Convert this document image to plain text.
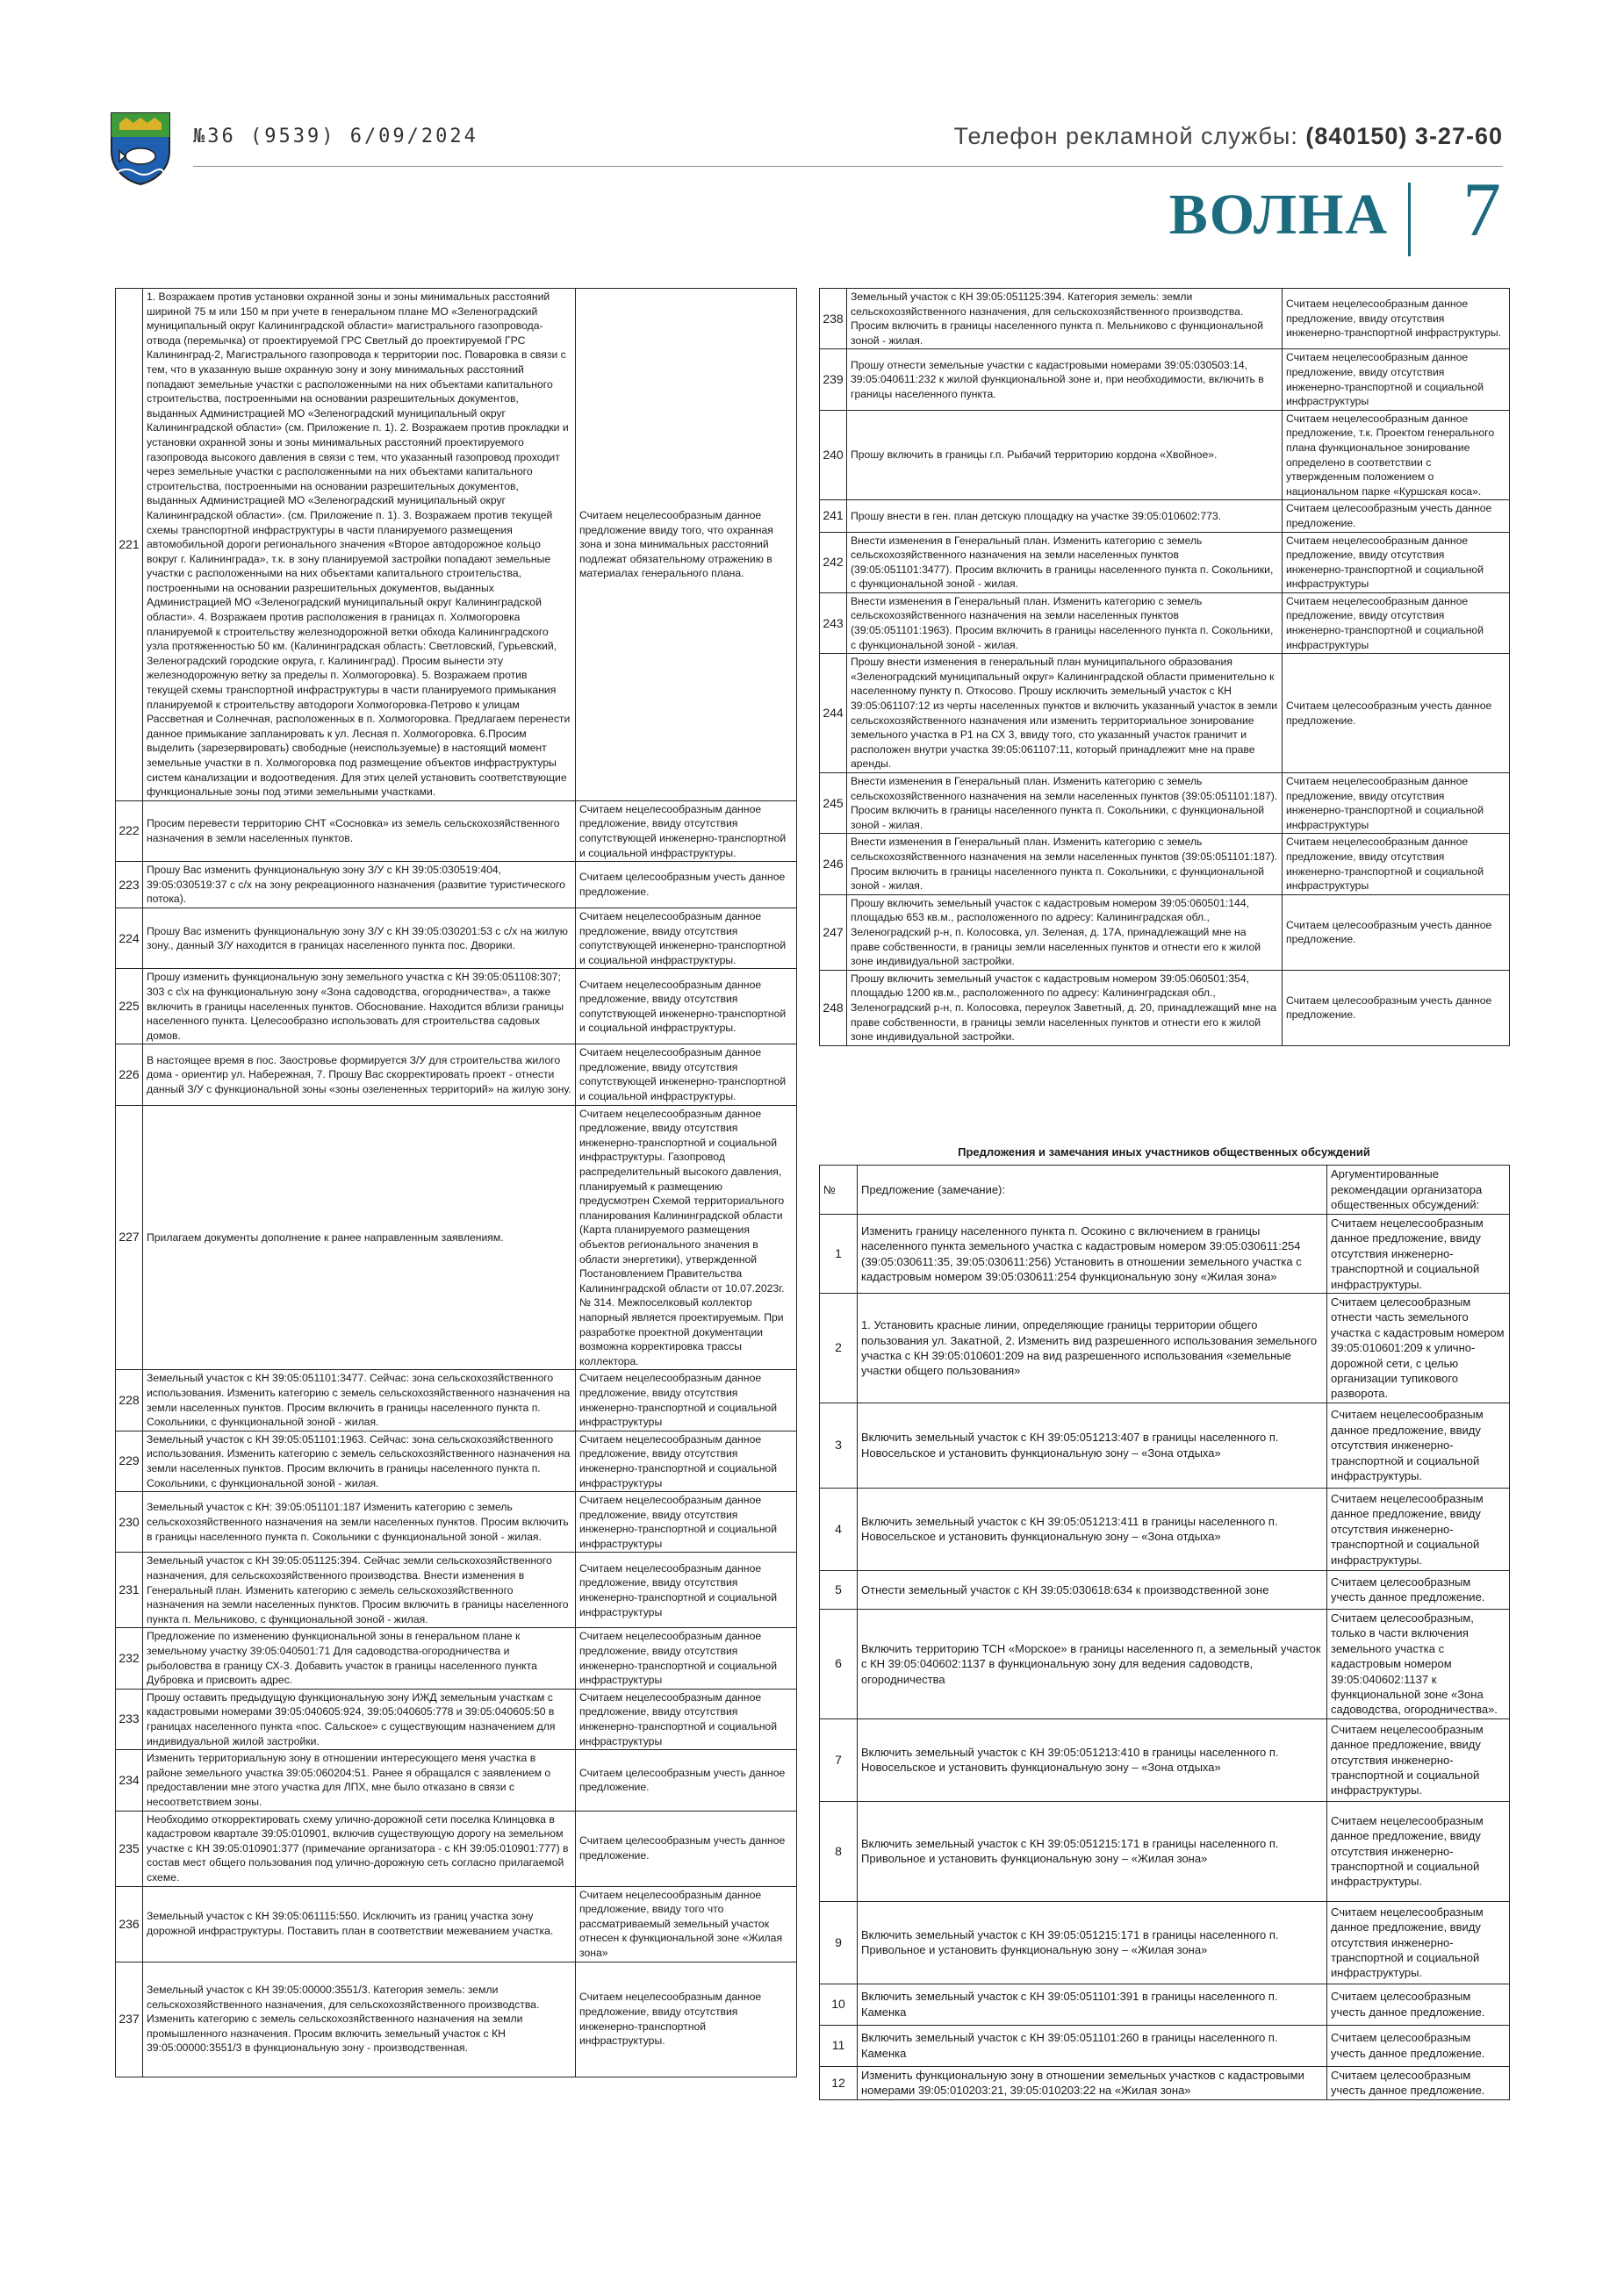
№36 (9539) 6/09/2024	Телефон рекламной службы: (840150) 3-27-60
ВОЛНА 7
221	1. Возражаем против установки охранной зоны и зоны минимальных расстояний шириной 75 м или 150 м при учете в генеральном плане МО «Зеленоградский муниципальный округ Калининградской области» магистрального газопровода-отвода (перемычка) от проектируемой ГРС Светлый до проектируемой ГРС Калининград-2, Магистрального газопровода к территории пос. Поваровка в связи с тем, что в указанную выше охранную зону и зону минимальных расстояний попадают земельные участки с расположенными на них объектами капитального строительства, построенными на основании разрешительных документов, выданных Администрацией МО «Зеленоградский муниципальный округ Калининградской области» (см. Приложение п. 1). 2. Возражаем против прокладки и установки охранной зоны и зоны минимальных расстояний проектируемого газопровода высокого давления в связи с тем, что указанный газопровод проходит через земельные участки с расположенными на них объектами капитального строительства, построенными на основании разрешительных документов, выданных Администрацией МО «Зеленоградский муниципальный округ Калининградской области». (см. Приложение п. 1). 3. Возражаем против текущей схемы транспортной инфраструктуры в части планируемого размещения автомобильной дороги регионального значения «Второе автодорожное кольцо вокруг г. Калининграда», т.к. в зону планируемой застройки попадают земельные участки с расположенными на них объектами капитального строительства, построенными на основании разрешительных документов, выданных Администрацией МО «Зеленоградский муниципальный округ Калининградской области». 4. Возражаем против расположения в границах п. Холмогоровка планируемой к строительству железнодорожной ветки обхода Калининградского узла протяженностью 50 км. (Калининградская область: Светловский, Гурьевский, Зеленоградский городские округа, г. Калининград). Просим вынести эту железнодорожную ветку за пределы п. Холмогоровка). 5. Возражаем против текущей схемы транспортной инфраструктуры в части планируемого примыкания планируемой к строительству автодороги Холмогоровка-Петрово к улицам Рассветная и Солнечная, расположенных в п. Холмогоровка. Предлагаем перенести данное примыкание запланировать к ул. Лесная п. Холмогоровка. 6.Просим выделить (зарезервировать) свободные (неиспользуемые) в настоящий момент земельные участки в п. Холмогоровка под размещение объектов инфраструктуры систем канализации и водоотведения. Для этих целей установить соответствующие функциональные зоны под этими земельными участками.	Считаем нецелесообразным данное предложение ввиду того, что охранная зона и зона минимальных расстояний подлежат обязательному отражению в материалах генерального плана.
222	Просим перевести территорию СНТ «Сосновка» из земель сельскохозяйственного назначения в земли населенных пунктов.	Считаем нецелесообразным данное предложение, ввиду отсутствия сопутствующей инженерно-транспортной и социальной инфраструктуры.
223	Прошу Вас изменить функциональную зону З/У с КН 39:05:030519:404, 39:05:030519:37 с с/х на зону рекреационного назначения (развитие туристического потока).	Считаем целесообразным учесть данное предложение.
224	Прошу Вас изменить функциональную зону З/У с КН 39:05:030201:53 с с/х на жилую зону., данный З/У находится в границах населенного пункта пос. Дворики.	Считаем нецелесообразным данное предложение, ввиду отсутствия сопутствующей инженерно-транспортной и социальной инфраструктуры.
225	Прошу изменить функциональную зону земельного участка с КН 39:05:051108:307; 303 с с\х на функциональную зону «Зона садоводства, огородничества», а также включить в границы населенных пунктов. Обоснование. Находится вблизи границы населенного пункта. Целесообразно использовать для строительства садовых домов.	Считаем нецелесообразным данное предложение, ввиду отсутствия сопутствующей инженерно-транспортной и социальной инфраструктуры.
226	В настоящее время в пос. Заостровье формируется З/У для строительства жилого дома - ориентир ул. Набережная, 7. Прошу Вас скорректировать проект - отнести данный З/У с функциональной зоны «зоны озелененных территорий» на жилую зону.	Считаем нецелесообразным данное предложение, ввиду отсутствия сопутствующей инженерно-транспортной и социальной инфраструктуры.
227	Прилагаем документы дополнение к ранее направленным заявлениям.	Считаем нецелесообразным данное предложение, ввиду отсутствия инженерно-транспортной и социальной инфраструктуры. Газопровод распределительный высокого давления, планируемый к размещению предусмотрен Схемой территориального планирования Калининградской области (Карта планируемого размещения объектов регионального значения в области энергетики), утвержденной Постановлением Правительства Калининградской области от 10.07.2023г. № 314. Межпоселковый коллектор напорный является проектируемым. При разработке проектной документации возможна корректировка трассы коллектора.
228	Земельный участок с КН 39:05:051101:3477. Сейчас: зона сельскохозяйственного использования. Изменить категорию с земель сельскохозяйственного назначения на земли населенных пунктов. Просим включить в границы населенного пункта п. Сокольники, с функциональной зоной - жилая.	Считаем нецелесообразным данное предложение, ввиду отсутствия инженерно-транспортной и социальной инфраструктуры
229	Земельный участок с КН 39:05:051101:1963. Сейчас: зона сельскохозяйственного использования. Изменить категорию с земель сельскохозяйственного назначения на земли населенных пунктов. Просим включить в границы населенного пункта п. Сокольники, с функциональной зоной - жилая.	Считаем нецелесообразным данное предложение, ввиду отсутствия инженерно-транспортной и социальной инфраструктуры
230	Земельный участок с КН: 39:05:051101:187 Изменить категорию с земель сельскохозяйственного назначения на земли населенных пунктов. Просим включить в границы населенного пункта п. Сокольники с функциональной зоной - жилая.	Считаем нецелесообразным данное предложение, ввиду отсутствия инженерно-транспортной и социальной инфраструктуры
231	Земельный участок с КН 39:05:051125:394. Сейчас земли сельскохозяйственного назначения, для сельскохозяйственного производства. Внести изменения в Генеральный план. Изменить категорию с земель сельскохозяйственного назначения на земли населенных пунктов. Просим включить в границы населенного пункта п. Мельниково, с функциональной зоной - жилая.	Считаем нецелесообразным данное предложение, ввиду отсутствия инженерно-транспортной и социальной инфраструктуры
232	Предложение по изменению функциональной зоны в генеральном плане к земельному участку 39:05:040501:71 Для садоводства-огородничества и рыболовства в границу СХ-3. Добавить участок в границы населенного пункта Дубровка и присвоить адрес.	Считаем нецелесообразным данное предложение, ввиду отсутствия инженерно-транспортной и социальной инфраструктуры
233	Прошу оставить предыдущую функциональную зону ИЖД земельным участкам с кадастровыми номерами 39:05:040605:924, 39:05:040605:778 и 39:05:040605:50 в границах населенного пункта «пос. Сальское» с существующим назначением для индивидуальной жилой застройки.	Считаем нецелесообразным данное предложение, ввиду отсутствия инженерно-транспортной и социальной инфраструктуры
234	Изменить территориальную зону в отношении интересующего меня участка в районе земельного участка 39:05:060204:51. Ранее я обращался с заявлением о предоставлении мне этого участка для ЛПХ, мне было отказано в связи с несоответствием зоны.	Считаем целесообразным учесть данное предложение.
235	Необходимо откорректировать схему улично-дорожной сети поселка Клинцовка в кадастровом квартале 39:05:010901, включив существующую дорогу на земельном участке с КН 39:05:010901:377 (примечание организатора - с КН 39:05:010901:777) в состав мест общего пользования под улично-дорожную сеть согласно прилагаемой схеме.	Считаем целесообразным учесть данное предложение.
236	Земельный участок с КН 39:05:061115:550. Исключить из границ участка зону дорожной инфраструктуры. Поставить план в соответствии межеванием участка.	Считаем нецелесообразным данное предложение, ввиду того что рассматриваемый земельный участок отнесен к функциональной зоне «Жилая зона»
237	Земельный участок с КН 39:05:00000:3551/3. Категория земель: земли сельскохозяйственного назначения, для сельскохозяйственного производства. Изменить категорию с земель сельскохозяйственного назначения на земли промышленного назначения. Просим включить земельный участок с КН 39:05:00000:3551/3 в функциональную зону - производственная.	Считаем нецелесообразным данное предложение, ввиду отсутствия инженерно-транспортной инфраструктуры.
238	Земельный участок с КН 39:05:051125:394. Категория земель: земли сельскохозяйственного назначения, для сельскохозяйственного производства. Просим включить в границы населенного пункта п. Мельниково с функциональной зоной - жилая.	Считаем нецелесообразным данное предложение, ввиду отсутствия инженерно-транспортной инфраструктуры.
239	Прошу отнести земельные участки с кадастровыми номерами 39:05:030503:14, 39:05:040611:232 к жилой функциональной зоне и, при необходимости, включить в границы населенного пункта.	Считаем нецелесообразным данное предложение, ввиду отсутствия инженерно-транспортной и социальной инфраструктуры
240	Прошу включить в границы г.п. Рыбачий территорию кордона «Хвойное».	Считаем нецелесообразным данное предложение, т.к. Проектом генерального плана функциональное зонирование определено в соответствии с утвержденным положением о национальном парке «Куршская коса».
241	Прошу внести в ген. план детскую площадку на участке 39:05:010602:773.	Считаем целесообразным учесть данное предложение.
242	Внести изменения в Генеральный план. Изменить категорию с земель сельскохозяйственного назначения на земли населенных пунктов (39:05:051101:3477). Просим включить в границы населенного пункта п. Сокольники, с функциональной зоной - жилая.	Считаем нецелесообразным данное предложение, ввиду отсутствия инженерно-транспортной и социальной инфраструктуры
243	Внести изменения в Генеральный план. Изменить категорию с земель сельскохозяйственного назначения на земли населенных пунктов (39:05:051101:1963). Просим включить в границы населенного пункта п. Сокольники, с функциональной зоной - жилая.	Считаем нецелесообразным данное предложение, ввиду отсутствия инженерно-транспортной и социальной инфраструктуры
244	Прошу внести изменения в генеральный план муниципального образования «Зеленоградский муниципальный округ» Калининградской области применительно к населенному пункту п. Откосово. Прошу исключить земельный участок с КН 39:05:061107:12 из черты населенных пунктов и включить указанный участок в земли сельскохозяйственного назначения или изменить территориальное зонирование земельного участка в Р1 на СХ 3, ввиду того, сто указанный участок граничит и расположен внутри участка 39:05:061107:11, который принадлежит мне на праве аренды.	Считаем целесообразным учесть данное предложение.
245	Внести изменения в Генеральный план. Изменить категорию с земель сельскохозяйственного назначения на земли населенных пунктов (39:05:051101:187). Просим включить в границы населенного пункта п. Сокольники, с функциональной зоной - жилая.	Считаем нецелесообразным данное предложение, ввиду отсутствия инженерно-транспортной и социальной инфраструктуры
246	Внести изменения в Генеральный план. Изменить категорию с земель сельскохозяйственного назначения на земли населенных пунктов (39:05:051101:187). Просим включить в границы населенного пункта п. Сокольники, с функциональной зоной - жилая.	Считаем нецелесообразным данное предложение, ввиду отсутствия инженерно-транспортной и социальной инфраструктуры
247	Прошу включить земельный участок с кадастровым номером 39:05:060501:144, площадью 653 кв.м., расположенного по адресу: Калининградская обл., Зеленоградский р-н, п. Колосовка, ул. Зеленая, д. 17А, принадлежащий мне на праве собственности, в границы земли населенных пунктов и отнести его к жилой зоне индивидуальной застройки.	Считаем целесообразным учесть данное предложение.
248	Прошу включить земельный участок с кадастровым номером 39:05:060501:354, площадью 1200 кв.м., расположенного по адресу: Калининградская обл., Зеленоградский р-н, п. Колосовка, переулок Заветный, д. 20, принадлежащий мне на праве собственности, в границы земли населенных пунктов и отнести его к жилой зоне индивидуальной застройки.	Считаем целесообразным учесть данное предложение.
Предложения и замечания иных участников общественных обсуждений
№	Предложение (замечание):	Аргументированные рекомендации организатора общественных обсуждений:
1	Изменить границу населенного пункта п. Осокино с включением в границы населенного пункта земельного участка с кадастровым номером 39:05:030611:254 (39:05:030611:35, 39:05:030611:256) Установить в отношении земельного участка с кадастровым номером 39:05:030611:254 функциональную зону «Жилая зона»	Считаем нецелесообразным данное предложение, ввиду отсутствия инженерно-транспортной и социальной инфраструктуры.
2	1. Установить красные линии, определяющие границы территории общего пользования ул. Закатной, 2. Изменить вид разрешенного использования земельного участка с КН 39:05:010601:209 на вид разрешенного использования «земельные участки общего пользования»	Считаем целесообразным отнести часть земельного участка с кадастровым номером 39:05:010601:209 к улично-дорожной сети, с целью организации тупикового разворота.
3	Включить земельный участок с КН 39:05:051213:407 в границы населенного п. Новосельское и установить функциональную зону – «Зона отдыха»	Считаем нецелесообразным данное предложение, ввиду отсутствия инженерно-транспортной и социальной инфраструктуры.
4	Включить земельный участок с КН 39:05:051213:411 в границы населенного п. Новосельское и установить функциональную зону – «Зона отдыха»	Считаем нецелесообразным данное предложение, ввиду отсутствия инженерно-транспортной и социальной инфраструктуры.
5	Отнести земельный участок с КН 39:05:030618:634 к производственной зоне	Считаем целесообразным учесть данное предложение.
6	Включить территорию ТСН «Морское» в границы населенного п, а земельный участок с КН 39:05:040602:1137 в функциональную зону для ведения садоводств, огородничества	Считаем целесообразным, только в части включения земельного участка с кадастровым номером 39:05:040602:1137 к функциональной зоне «Зона садоводства, огородничества».
7	Включить земельный участок с КН 39:05:051213:410 в границы населенного п. Новосельское и установить функциональную зону – «Зона отдыха»	Считаем нецелесообразным данное предложение, ввиду отсутствия инженерно-транспортной и социальной инфраструктуры.
8	Включить земельный участок с КН 39:05:051215:171 в границы населенного п. Привольное и установить функциональную зону – «Жилая зона»	Считаем нецелесообразным данное предложение, ввиду отсутствия инженерно-транспортной и социальной инфраструктуры.
9	Включить земельный участок с КН 39:05:051215:171 в границы населенного п. Привольное и установить функциональную зону – «Жилая зона»	Считаем нецелесообразным данное предложение, ввиду отсутствия инженерно-транспортной и социальной инфраструктуры.
10	Включить земельный участок с КН 39:05:051101:391 в границы населенного п. Каменка	Считаем целесообразным учесть данное предложение.
11	Включить земельный участок с КН 39:05:051101:260 в границы населенного п. Каменка	Считаем целесообразным учесть данное предложение.
12	Изменить функциональную зону в отношении земельных участков с кадастровыми номерами 39:05:010203:21, 39:05:010203:22 на «Жилая зона»	Считаем целесообразным учесть данное предложение.
